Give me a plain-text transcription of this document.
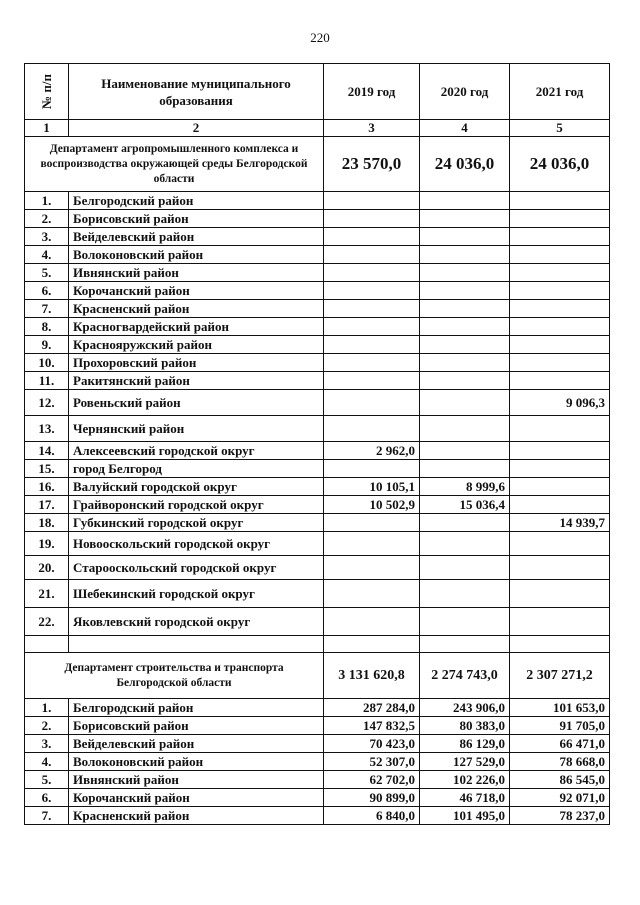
220
№ п/п	Наименование муниципального образования	2019 год	2020 год	2021 год
1	2	3	4	5
Департамент агропромышленного комплекса и воспроизводства окружающей среды Белгородской области		23 570,0	24 036,0	24 036,0
1.	Белгородский район			
2.	Борисовский район			
3.	Вейделевский район			
4.	Волоконовский район			
5.	Ивнянский район			
6.	Корочанский район			
7.	Красненский район			
8.	Красногвардейский район			
9.	Краснояружский район			
10.	Прохоровский район			
11.	Ракитянский район			
12.	Ровеньский район			9 096,3
13.	Чернянский район			
14.	Алексеевский городской округ	2 962,0		
15.	город Белгород			
16.	Валуйский городской округ	10 105,1	8 999,6	
17.	Грайворонский городской округ	10 502,9	15 036,4	
18.	Губкинский городской округ			14 939,7
19.	Новооскольский городской округ			
20.	Старооскольский городской округ			
21.	Шебекинский городской округ			
22.	Яковлевский городской округ			

Департамент строительства и транспорта Белгородской области		3 131 620,8	2 274 743,0	2 307 271,2
1.	Белгородский район	287 284,0	243 906,0	101 653,0
2.	Борисовский район	147 832,5	80 383,0	91 705,0
3.	Вейделевский район	70 423,0	86 129,0	66 471,0
4.	Волоконовский район	52 307,0	127 529,0	78 668,0
5.	Ивнянский район	62 702,0	102 226,0	86 545,0
6.	Корочанский район	90 899,0	46 718,0	92 071,0
7.	Красненский район	6 840,0	101 495,0	78 237,0
